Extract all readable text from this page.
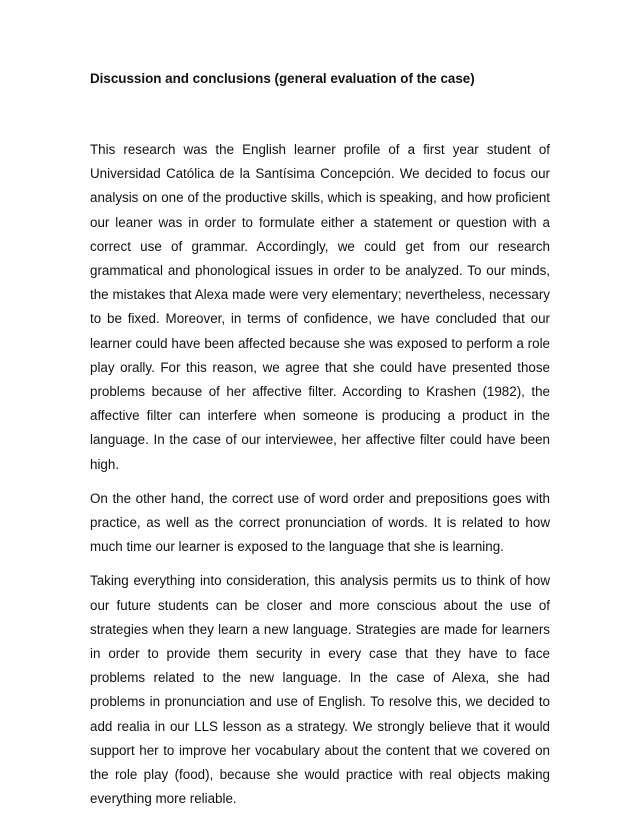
Discussion and conclusions (general evaluation of the case)

This research was the English learner profile of a first year student of Universidad Católica de la Santísima Concepción. We decided to focus our analysis on one of the productive skills, which is speaking, and how proficient our leaner was in order to formulate either a statement or question with a correct use of grammar. Accordingly, we could get from our research grammatical and phonological issues in order to be analyzed. To our minds, the mistakes that Alexa made were very elementary; nevertheless, necessary to be fixed. Moreover, in terms of confidence, we have concluded that our learner could have been affected because she was exposed to perform a role play orally. For this reason, we agree that she could have presented those problems because of her affective filter. According to Krashen (1982), the affective filter can interfere when someone is producing a product in the language. In the case of our interviewee, her affective filter could have been high.

On the other hand, the correct use of word order and prepositions goes with practice, as well as the correct pronunciation of words. It is related to how much time our learner is exposed to the language that she is learning.

Taking everything into consideration, this analysis permits us to think of how our future students can be closer and more conscious about the use of strategies when they learn a new language. Strategies are made for learners in order to provide them security in every case that they have to face problems related to the new language. In the case of Alexa, she had problems in pronunciation and use of English. To resolve this, we decided to add realia in our LLS lesson as a strategy. We strongly believe that it would support her to improve her vocabulary about the content that we covered on the role play (food), because she would practice with real objects making everything more reliable.
